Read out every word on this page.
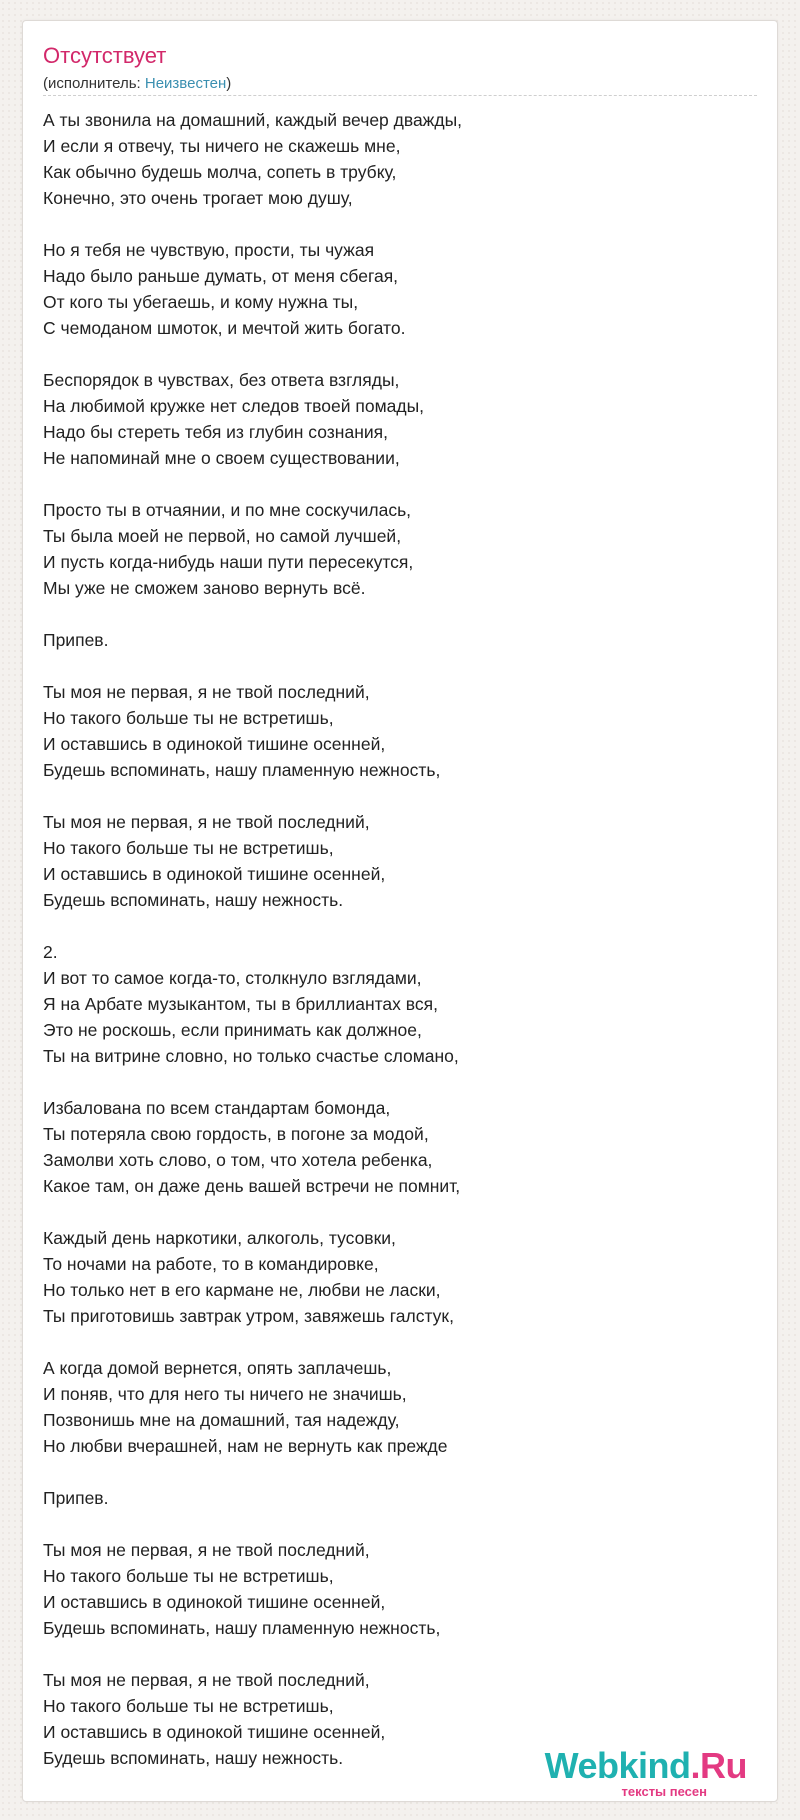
Отсутствует
(исполнитель: Неизвестен)
А ты звонила на домашний, каждый вечер дважды,
И если я отвечу, ты ничего не скажешь мне,
Как обычно будешь молча, сопеть в трубку,
Конечно, это очень трогает мою душу,
Но я тебя не чувствую, прости, ты чужая
Надо было раньше думать, от меня сбегая,
От кого ты убегаешь, и кому нужна ты,
С чемоданом шмоток, и мечтой жить богато.
Беспорядок в чувствах, без ответа взгляды,
На любимой кружке нет следов твоей помады,
Надо бы стереть тебя из глубин сознания,
Не напоминай мне о своем существовании,
Просто ты в отчаянии, и по мне соскучилась,
Ты была моей не первой, но самой лучшей,
И пусть когда-нибудь наши пути пересекутся,
Мы уже не сможем заново вернуть всё.
Припев.
Ты моя не первая, я не твой последний,
Но такого больше ты не встретишь,
И оставшись в одинокой тишине осенней,
Будешь вспоминать, нашу пламенную нежность,
Ты моя не первая, я не твой последний,
Но такого больше ты не встретишь,
И оставшись в одинокой тишине осенней,
Будешь вспоминать, нашу нежность.
2.
И вот то самое когда-то, столкнуло взглядами,
Я на Арбате музыкантом, ты в бриллиантах вся,
Это не роскошь, если принимать как должное,
Ты на витрине словно, но только счастье сломано,
Избалована по всем стандартам бомонда,
Ты потеряла свою гордость, в погоне за модой,
Замолви хоть слово, о том, что хотела ребенка,
Какое там, он даже день вашей встречи не помнит,
Каждый день наркотики, алкоголь, тусовки,
То ночами на работе, то в командировке,
Но только нет в его кармане не, любви не ласки,
Ты приготовишь завтрак утром, завяжешь галстук,
А когда домой вернется, опять заплачешь,
И поняв, что для него ты ничего не значишь,
Позвонишь мне на домашний, тая надежду,
Но любви вчерашней, нам не вернуть как прежде
Припев.
Ты моя не первая, я не твой последний,
Но такого больше ты не встретишь,
И оставшись в одинокой тишине осенней,
Будешь вспоминать, нашу пламенную нежность,
Ты моя не первая, я не твой последний,
Но такого больше ты не встретишь,
И оставшись в одинокой тишине осенней,
Будешь вспоминать, нашу нежность.	Webkind.Ru
тексты песен
